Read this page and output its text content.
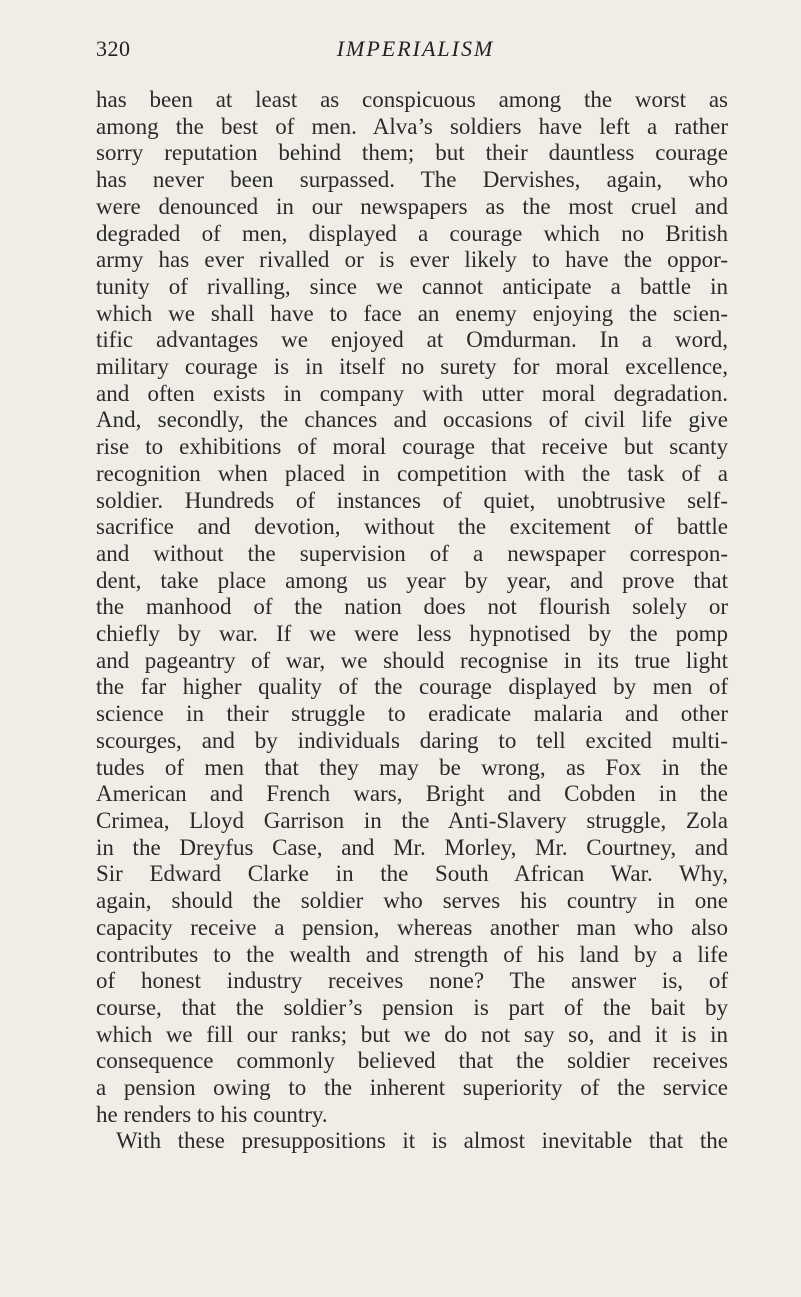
320	IMPERIALISM
has been at least as conspicuous among the worst as
among the best of men. Alva’s soldiers have left a rather
sorry reputation behind them; but their dauntless courage
has never been surpassed. The Dervishes, again, who
were denounced in our newspapers as the most cruel and
degraded of men, displayed a courage which no British
army has ever rivalled or is ever likely to have the oppor-
tunity of rivalling, since we cannot anticipate a battle in
which we shall have to face an enemy enjoying the scien-
tific advantages we enjoyed at Omdurman. In a word,
military courage is in itself no surety for moral excellence,
and often exists in company with utter moral degradation.
And, secondly, the chances and occasions of civil life give
rise to exhibitions of moral courage that receive but scanty
recognition when placed in competition with the task of a
soldier. Hundreds of instances of quiet, unobtrusive self-
sacrifice and devotion, without the excitement of battle
and without the supervision of a newspaper correspon-
dent, take place among us year by year, and prove that
the manhood of the nation does not flourish solely or
chiefly by war. If we were less hypnotised by the pomp
and pageantry of war, we should recognise in its true light
the far higher quality of the courage displayed by men of
science in their struggle to eradicate malaria and other
scourges, and by individuals daring to tell excited multi-
tudes of men that they may be wrong, as Fox in the
American and French wars, Bright and Cobden in the
Crimea, Lloyd Garrison in the Anti-Slavery struggle, Zola
in the Dreyfus Case, and Mr. Morley, Mr. Courtney, and
Sir Edward Clarke in the South African War. Why,
again, should the soldier who serves his country in one
capacity receive a pension, whereas another man who also
contributes to the wealth and strength of his land by a life
of honest industry receives none? The answer is, of
course, that the soldier’s pension is part of the bait by
which we fill our ranks; but we do not say so, and it is in
consequence commonly believed that the soldier receives
a pension owing to the inherent superiority of the service
he renders to his country.
With these presuppositions it is almost inevitable that the
